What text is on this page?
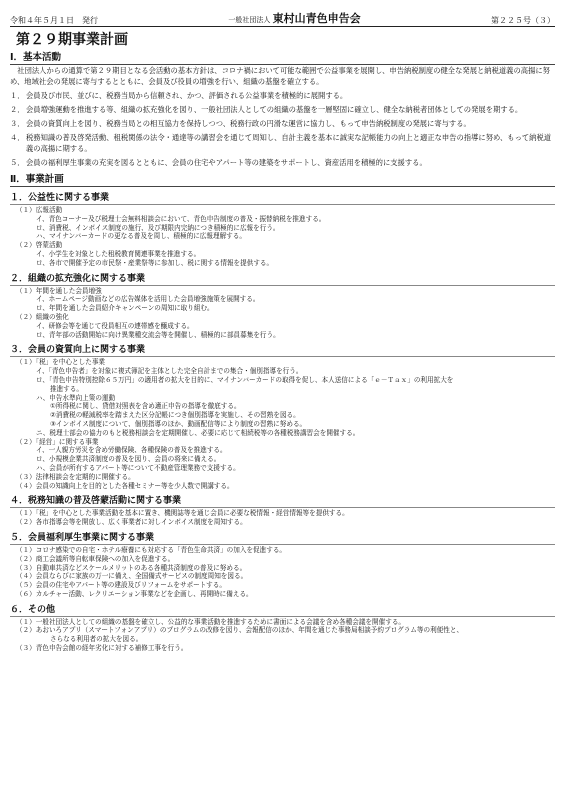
令和４年５月１日　発行	一般社団法人 東村山青色申告会	第２２５号（３）
第２９期事業計画
Ⅰ．基本活動

社団法人からの通算で第２９期目となる会活動の基本方針は、コロナ禍において可能な範囲で公益事業を展開し、申告納税制度の健全な発展と納税道義の高揚に努め、地域社会の発展に寄与するとともに、会員及び役員の増強を行い、組織の基盤を確立する。

１． 会員及び市民、並びに、税務当局から信頼され、かつ、評価される公益事業を積極的に展開する。
２． 会員増強運動を推進する等、組織の拡充強化を図り、一般社団法人としての組織の基盤を一層堅固に確立し、健全な納税者団体としての発展を期する。
３． 会員の資質向上を図り、税務当局との相互協力を保持しつつ、税務行政の円滑な運営に協力し、もって申告納税制度の発展に寄与する。
４． 税務知識の普及啓発活動、租税関係の法令・通達等の講習会を通じて周知し、自計主義を基本に誠実な記帳能力の向上と適正な申告の指導に努め、もって納税道義の高揚に期する。
５． 会員の福利厚生事業の充実を図るとともに、会員の住宅やアパート等の建築をサポートし、資産活用を積極的に支援する。
Ⅱ．事業計画
１．公益性に関する事業
（１）広報活動
イ、青色コーナー及び税理士会無料相談会において、青色申告制度の普及・振替納税を推進する。
ロ、消費税、インボイス制度の施行、及び期限内完納につき積極的に広報を行う。
ハ、マイナンバーカードの更なる普及を周し、積極的に広報理解する。
（２）啓蒙活動
イ、小学生を対象とした租税教育関連事業を推進する。
ロ、各市で開催予定の市民祭・産業祭等に参加し、税に関する情報を提供する。
２．組織の拡充強化に関する事業
（１）年間を通した会員増強
イ、ホームページ動画などの広告媒体を活用した会員増強施策を展開する。
ロ、年間を通した会員紹介キャンペーンの周知に取り組む。
（２）組織の強化
イ、研修会等を通じて役員相互の連帯感を醸成する。
ロ、青年部の活動開始に向け異業種交流会等を開催し、積極的に部員募集を行う。
３．会員の資質向上に関する事業
（１）「税」を中心とした事業
イ、「青色申告者」を対象に複式簿記を主体とした完全自計までの集合・個別指導を行う。
ロ、「青色申告特別控除６５万円」の適用者の拡大を目的に、マイナンバーカードの取得を促し、本人送信による「ｅ－Ｔａｘ」の利用拡大を
推進する。
ハ、申告水準向上策の運動
①所得税に関し、貸借対照表を含め適正申告の指導を徹底する。
②消費税の軽減税率を踏まえた区分記帳につき個別指導を実施し、その習熟を図る。
③インボイス制度について、個別指導のほか、動画配信等により制度の習熟に努める。
ニ、税理士部会の協力のもと税務相談会を定期開催し、必要に応じて相続税等の各種税務講習会を開催する。
（２）「経営」に関する事業
イ、一人親方労災を含め労働保険、各種保険の普及を推進する。
ロ、小規模企業共済制度の普及を図り、会員の将来に備える。
ハ、会員が所有するアパート等について不動産管理業務で支援する。
（３）法律相談会を定期的に開催する。
（４）会員の知識向上を目的とした各種セミナー等を少人数で開講する。
４．税務知識の普及啓蒙活動に関する事業
（１）「税」を中心とした事業活動を基本に置き、機関誌等を通じ会員に必要な税情報・経営情報等を提供する。
（２）各市指導会等を開放し、広く事業者に対しインボイス制度を周知する。
５．会員福利厚生事業に関する事業
（１）コロナ感染での自宅・ホテル療養にも対応する「青色生命共済」の加入を促進する。
（２）商工会議所等自転車保険への加入を促進する。
（３）自動車共済などスケールメリットのある各種共済制度の普及に努める。
（４）会員ならびに家族の万一に備え、全国備式サービスの制度周知を図る。
（５）会員の住宅やアパート等の建設及びリフォームをサポートする。
（６）カルチャー活動、レクリエーション事業などを企画し、再開時に備える。
６．その他
（１）一般社団法人としての組織の基盤を確立し、公益的な事業活動を推進するために書面による会議を含め各種会議を開催する。
（２）あおいろアプリ（スマートフォンアプリ）のプログラムの改修を図り、会報配信のほか、年間を通じた事務局相談予約プログラム等の利便性と、
さらなる利用者の拡大を図る。
（３）青色申告会館の経年劣化に対する補修工事を行う。
